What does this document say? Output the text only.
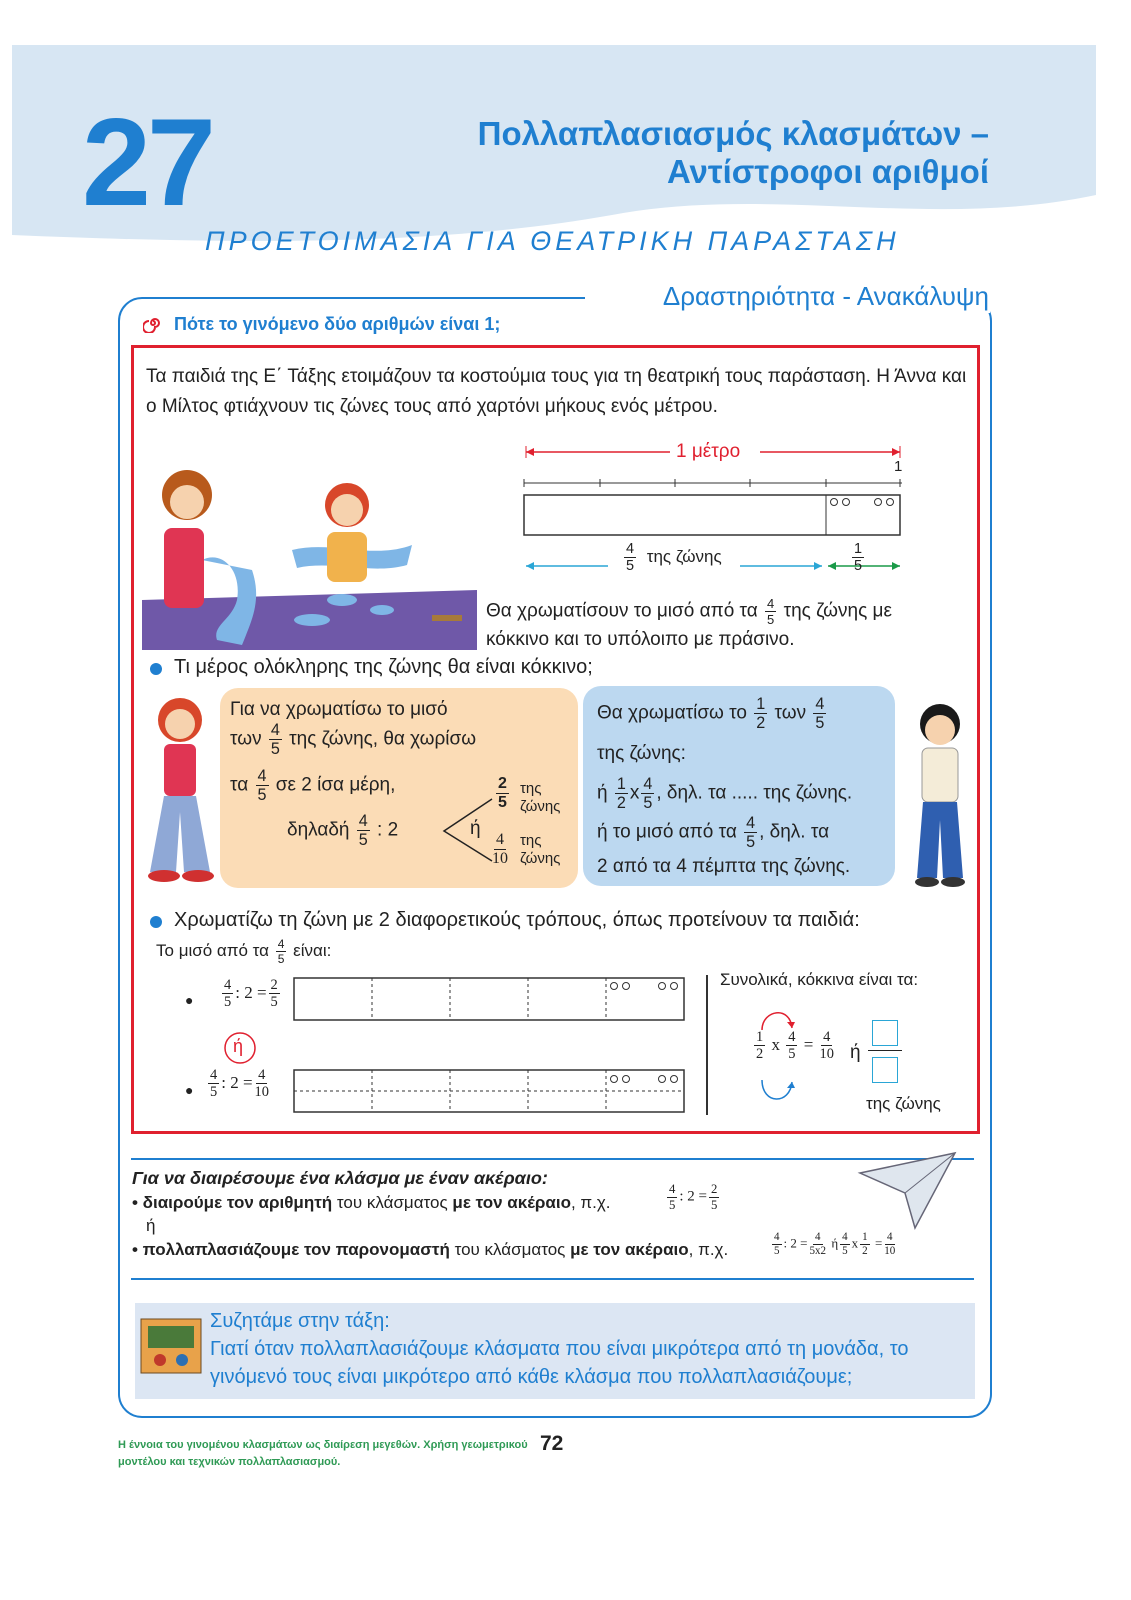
27	Πολλαπλασιασμός κλασμάτων –
Αντίστροφοι αριθμοί
ΠΡΟΕΤΟΙΜΑΣΙΑ ΓΙΑ ΘΕΑΤΡΙΚΗ ΠΑΡΑΣΤΑΣΗ
Δραστηριότητα - Ανακάλυψη
Πότε το γινόμενο δύο αριθμών είναι 1;
Τα παιδιά της Ε΄ Τάξης ετοιμάζουν τα κοστούμια τους για τη θεατρική τους παράσταση. Η Άννα και ο Μίλτος φτιάχνουν τις ζώνες τους από χαρτόνι μήκους ενός μέτρου.
1 μέτρο
1
$\frac{4}{5}$ της ζώνης	$\frac{1}{5}$
Θα χρωματίσουν το μισό από τα $\frac{4}{5}$ της ζώνης με
κόκκινο και το υπόλοιπο με πράσινο.
Τι μέρος ολόκληρης της ζώνης θα είναι κόκκινο;
Για να χρωματίσω το μισό
των $\frac{4}{5}$ της ζώνης, θα χωρίσω
τα $\frac{4}{5}$ σε 2 ίσα μέρη,
δηλαδή $\frac{4}{5}$ : 2	ή
$\frac{2}{5}$ της
ζώνης
$\frac{4}{10}$ της
ζώνης
Θα χρωματίσω το $\frac{1}{2}$ των $\frac{4}{5}$
της ζώνης:
ή $\frac{1}{2}$ x $\frac{4}{5}$ , δηλ. τα ..... της ζώνης.
ή το μισό από τα $\frac{4}{5}$ , δηλ. τα
2 από τα 4 πέμπτα της ζώνης.
Χρωματίζω τη ζώνη με 2 διαφορετικούς τρόπους, όπως προτείνουν τα παιδιά:
Το μισό από τα $\frac{4}{5} \varepsilon ί\nu\alpha\iota$:
● $\frac{4}{5}$ : $2 = \frac{2}{5}$
ή
● $\frac{4}{5}$ : $2 = \frac{4}{10}$
Συνολικά, κόκκινα είναι τα:
$\frac{1}{2}$ x $\frac{4}{5} = \frac{4}{10}$ ή
της ζώνης
Για να διαιρέσουμε ένα κλάσμα με έναν ακέραιο:
• διαιρούμε τον αριθμητή του κλάσματος με τον ακέραιο, π.χ.	$\frac{4}{5}$ : $2 = \frac{2}{5}$
ή
• πολλαπλασιάζουμε τον παρονομαστή του κλάσματος με τον ακέραιο, π.χ.	$\frac{4}{5}$ : $2 = \frac{4}{5x2}$ ή $\frac{4}{5}$ x $\frac{1}{2} = \frac{4}{10}$
Συζητάμε στην τάξη:
Γιατί όταν πολλαπλασιάζουμε κλάσματα που είναι μικρότερα από τη μονάδα, το γινόμενό τους είναι μικρότερο από κάθε κλάσμα που πολλαπλασιάζουμε;
Η έννοια του γινομένου κλασμάτων ως διαίρεση μεγεθών. Χρήση γεωμετρικού μοντέλου και τεχνικών πολλαπλασιασμού.
72
